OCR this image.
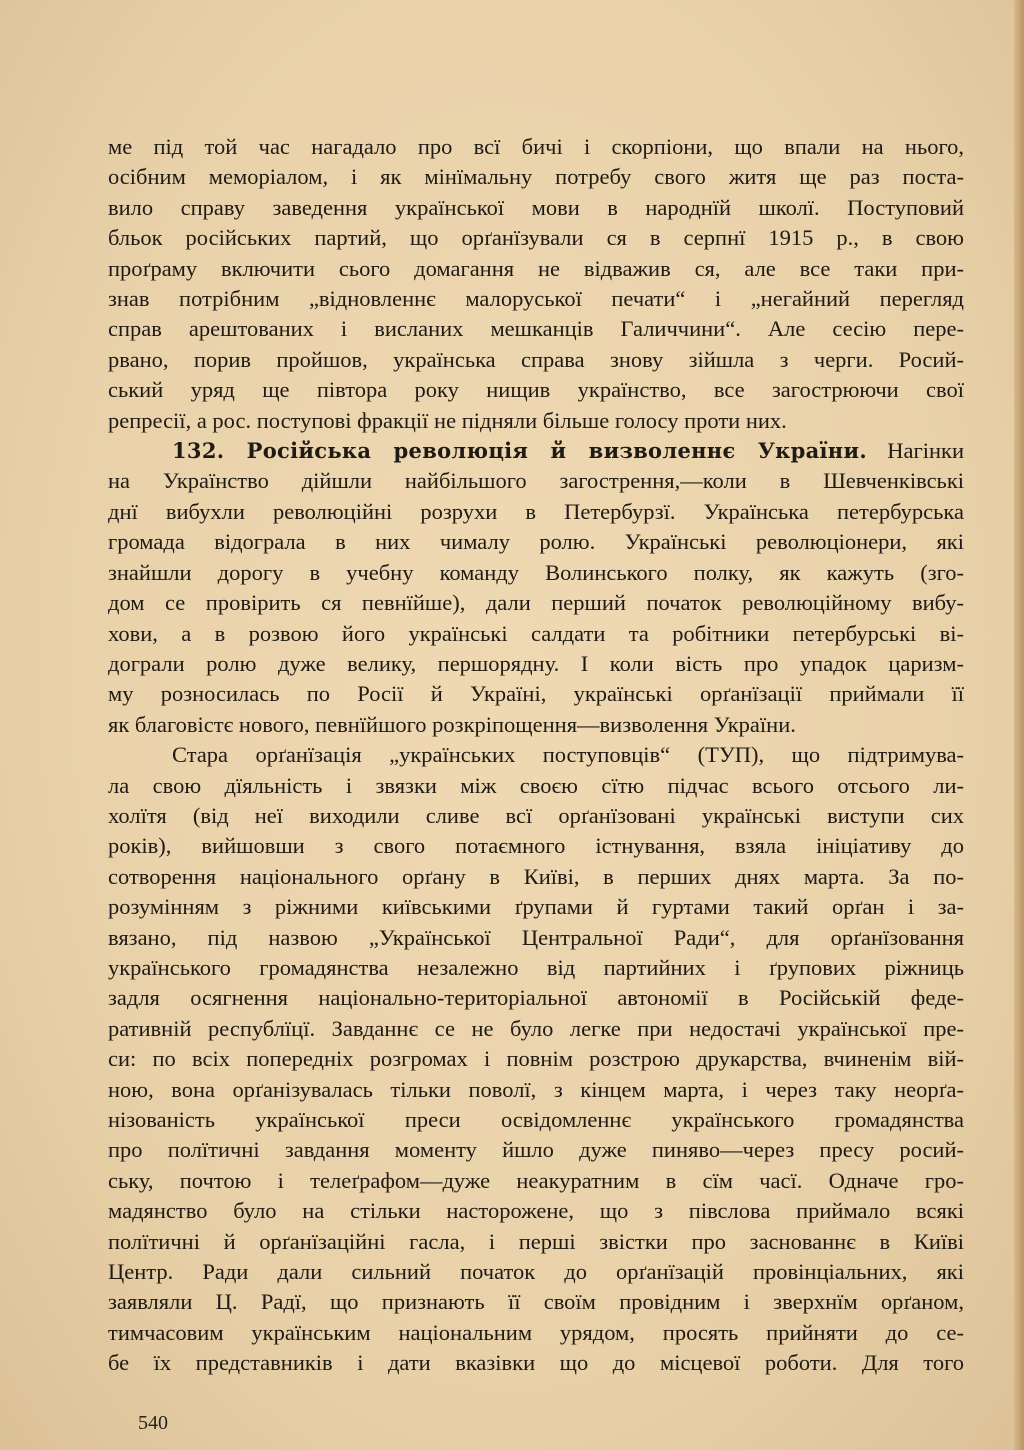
ме під той час нагадало про всї бичі і скорпіони, що впали на нього,
осібним меморіалом, і як мінїмальну потребу свого житя ще раз поста-
вило справу заведення української мови в народнїй школї. Поступовий
бльок російських партий, що орґанїзували ся в серпнї 1915 р., в свою
проґраму включити сього домагання не відважив ся, але все таки при-
знав потрібним „відновленнє малоруської печати“ і „негайний перегляд
справ арештованих і висланих мешканців Галиччини“. Але сесію пере-
рвано, порив пройшов, українська справа знову зійшла з черги. Росий-
ський уряд ще півтора року нищив українство, все загострюючи свої
репресії, а рос. поступові фракції не підняли більше голосу проти них.
132. Російська революція й визволеннє України. Нагінки
на Українство дійшли найбільшого загострення,—коли в Шевченківські
днї вибухли революційні розрухи в Петербурзї. Українська петербурська
громада відограла в них чималу ролю. Українські революціонери, які
знайшли дорогу в учебну команду Волинського полку, як кажуть (зго-
дом се провірить ся певнїйше), дали перший початок революційному вибу-
хови, а в розвою його українські салдати та робітники петербурські ві-
дограли ролю дуже велику, першорядну. І коли вість про упадок царизм-
му розносилась по Росії й Україні, українські орґанїзації приймали її
як благовістє нового, певнїйшого розкріпощення—визволення України.
Стара орґанїзація „українських поступовців“ (ТУП), що підтримува-
ла свою дїяльність і звязки між своєю сїтю підчас всього отсього ли-
холїтя (від неї виходили сливе всї орґанїзовані українські виступи сих
років), вийшовши з свого потаємного істнування, взяла ініціативу до
сотворення національного орґану в Київі, в перших днях марта. За по-
розумінням з ріжними київськими ґрупами й гуртами такий орґан і за-
вязано, під назвою „Української Центральної Ради“, для орґанїзовання
українського громадянства незалежно від партийних і ґрупових ріжниць
задля осягнення національно-територіальної автономії в Російській феде-
ративній республїцї. Завданнє се не було легке при недостачі української пре-
си: по всіх попередніх розгромах і повнім розстрою друкарства, вчиненім вій-
ною, вона орґанізувалась тільки поволї, з кінцем марта, і через таку неорґа-
нізованість української преси освідомленнє українського громадянства
про полїтичні завдання моменту йшло дуже пиняво—через пресу росий-
ську, почтою і телеґрафом—дуже неакуратним в сїм часї. Одначе гро-
мадянство було на стільки насторожене, що з півслова приймало всякі
полїтичні й орґанїзаційні гасла, і перші звістки про заснованнє в Київі
Центр. Ради дали сильний початок до орґанїзацій провінціальних, які
заявляли Ц. Радї, що признають її своїм провідним і зверхнїм орґаном,
тимчасовим українським національним урядом, просять прийняти до се-
бе їх представників і дати вказівки що до місцевої роботи. Для того
540
